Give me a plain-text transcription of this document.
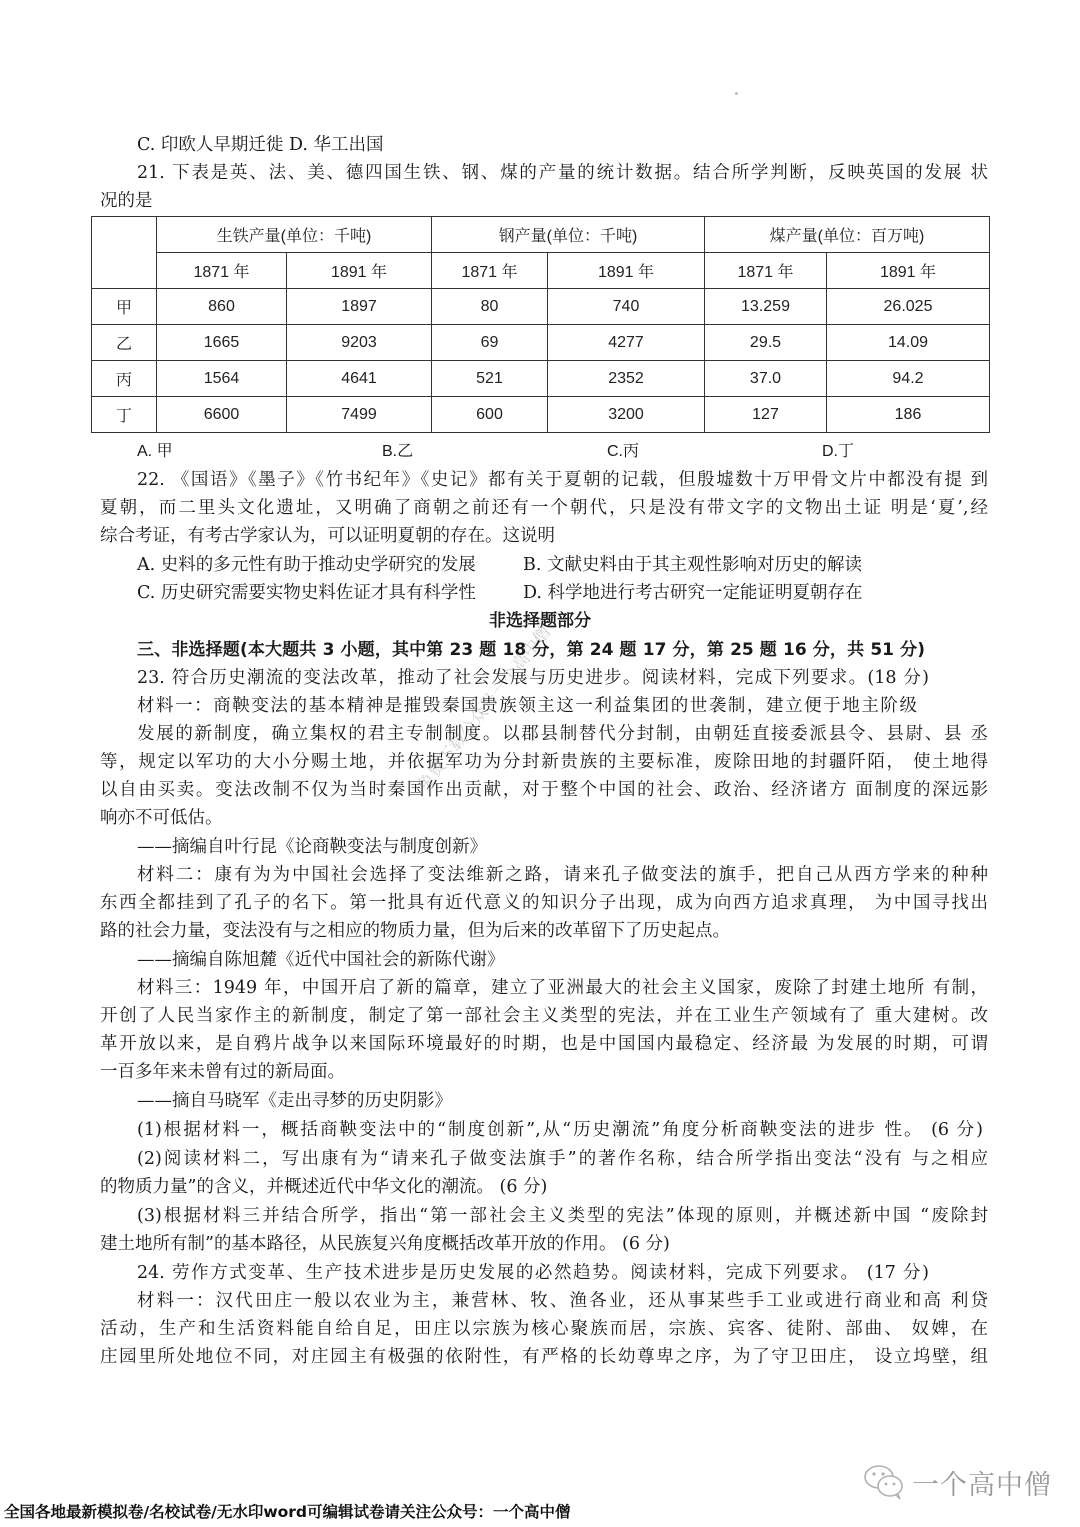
C. 印欧人早期迁徙 D. 华工出国
21. 下表是英、法、美、德四国生铁、钢、煤的产量的统计数据。结合所学判断，反映英国的发展 状
况的是
	生铁产量(单位：千吨)		钢产量(单位：千吨)		煤产量(单位：百万吨)	
	1871 年	1891 年	1871 年	1891 年	1871 年	1891 年
甲	860	1897	80	740	13.259	26.025
乙	1665	9203	69	4277	29.5	14.09
丙	1564	4641	521	2352	37.0	94.2
丁	6600	7499	600	3200	127	186
A. 甲	B.乙	C.丙	D.丁
22. 《国语》《墨子》《竹书纪年》《史记》都有关于夏朝的记载，但殷墟数十万甲骨文片中都没有提 到
夏朝，而二里头文化遗址，又明确了商朝之前还有一个朝代，只是没有带文字的文物出土证 明是‘夏’,经
综合考证，有考古学家认为，可以证明夏朝的存在。这说明
A. 史料的多元性有助于推动史学研究的发展	B. 文献史料由于其主观性影响对历史的解读
C. 历史研究需要实物史料佐证才具有科学性	D. 科学地进行考古研究一定能证明夏朝存在
非选择题部分
三、非选择题(本大题共 3 小题，其中第 23 题 18 分，第 24 题 17 分，第 25 题 16 分，共 51 分)
23. 符合历史潮流的变法改革，推动了社会发展与历史进步。阅读材料，完成下列要求。(18 分)
材料一：商鞅变法的基本精神是摧毁秦国贵族领主这一利益集团的世袭制，建立便于地主阶级
发展的新制度，确立集权的君主专制制度。以郡县制替代分封制，由朝廷直接委派县令、县尉、县 丞
等，规定以军功的大小分赐土地，并依据军功为分封新贵族的主要标准，废除田地的封疆阡陌， 使土地得
以自由买卖。变法改制不仅为当时秦国作出贡献，对于整个中国的社会、政治、经济诸方 面制度的深远影
响亦不可低估。
——摘编自叶行昆《论商鞅变法与制度创新》
材料二：康有为为中国社会选择了变法维新之路，请来孔子做变法的旗手，把自己从西方学来的种种
东西全都挂到了孔子的名下。第一批具有近代意义的知识分子出现，成为向西方追求真理， 为中国寻找出
路的社会力量，变法没有与之相应的物质力量，但为后来的改革留下了历史起点。
——摘编自陈旭麓《近代中国社会的新陈代谢》
材料三：1949 年，中国开启了新的篇章，建立了亚洲最大的社会主义国家，废除了封建土地所 有制，
开创了人民当家作主的新制度，制定了第一部社会主义类型的宪法，并在工业生产领域有了 重大建树。改
革开放以来，是自鸦片战争以来国际环境最好的时期，也是中国国内最稳定、经济最 为发展的时期，可谓
一百多年来未曾有过的新局面。
——摘自马晓军《走出寻梦的历史阴影》
(1)根据材料一，概括商鞅变法中的“制度创新”,从“历史潮流”角度分析商鞅变法的进步 性。 (6 分)
(2)阅读材料二，写出康有为“请来孔子做变法旗手”的著作名称，结合所学指出变法“没有 与之相应
的物质力量”的含义，并概述近代中华文化的潮流。 (6 分)
(3)根据材料三并结合所学，指出“第一部社会主义类型的宪法”体现的原则，并概述新中国 “废除封
建土地所有制”的基本路径，从民族复兴角度概括改革开放的作用。 (6 分)
24. 劳作方式变革、生产技术进步是历史发展的必然趋势。阅读材料，完成下列要求。 (17 分)
材料一：汉代田庄一般以农业为主，兼营林、牧、渔各业，还从事某些手工业或进行商业和高 利贷
活动，生产和生活资料能自给自足，田庄以宗族为核心聚族而居，宗族、宾客、徒附、部曲、 奴婢，在
庄园里所处地位不同，对庄园主有极强的依附性，有严格的长幼尊卑之序，为了守卫田庄， 设立坞壁，组
免费下载公众号一个高中僧
一个高中僧
全国各地最新模拟卷/名校试卷/无水印word可编辑试卷请关注公众号：一个高中僧
